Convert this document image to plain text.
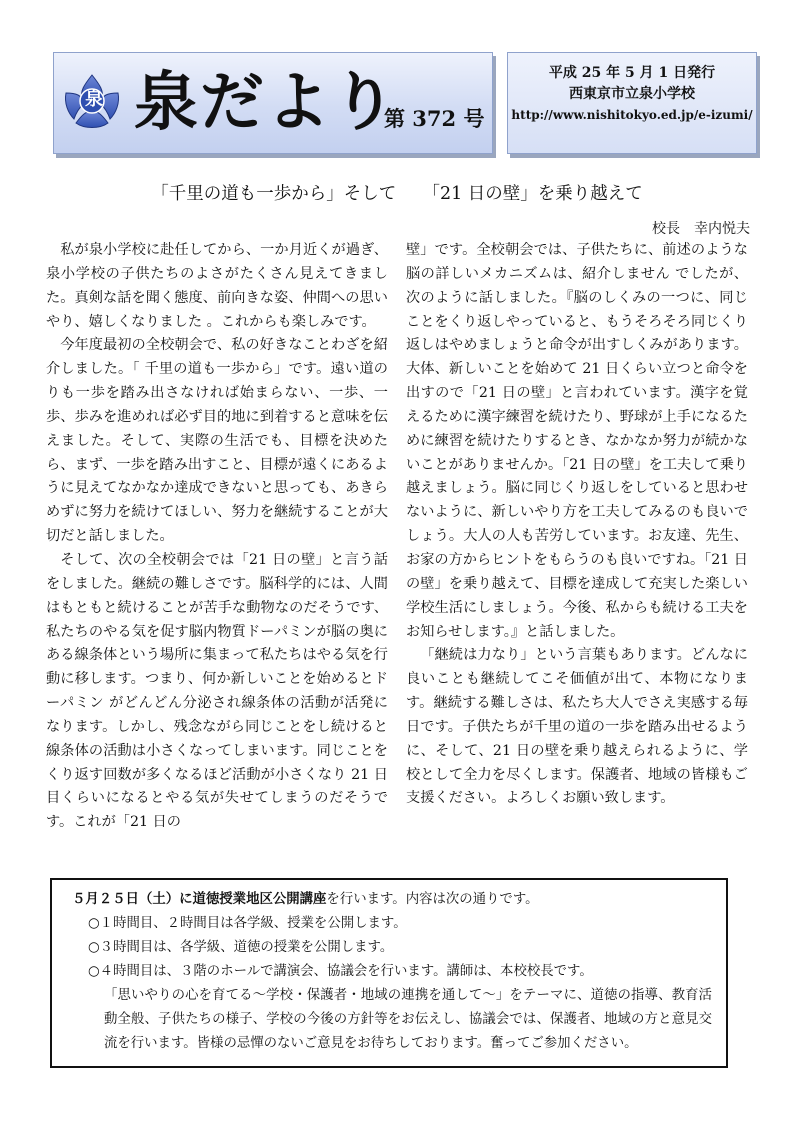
泉 泉だより
第 372 号
平成 25 年 5 月 1 日発行
西東京市立泉小学校
http://www.nishitokyo.ed.jp/e-izumi/
「千里の道も一歩から」そして　　「21 日の壁」を乗り越えて
校長　幸内悦夫

私が泉小学校に赴任してから、一か月近くが過ぎ、泉小学校の子供たちのよさがたくさん見えてきました。真剣な話を聞く態度、前向きな姿、仲間への思いやり、嬉しくなりました 。これからも楽しみです。

今年度最初の全校朝会で、私の好きなことわざを紹介しました。「 千里の道も一歩から」です。遠い道のりも一歩を踏み出さなければ始まらない、一歩、一歩、歩みを進めれば必ず目的地に到着すると意味を伝えました。そして、実際の生活でも、目標を決めたら、まず、一歩を踏み出すこと、目標が遠くにあるように見えてなかなか達成できないと思っても、あきらめずに努力を続けてほしい、努力を継続することが大切だと話しました。

そして、次の全校朝会では「21 日の壁」と言う話をしました。継続の難しさです。脳科学的には、人間はもともと続けることが苦手な動物なのだそうです、私たちのやる気を促す脳内物質ドーパミンが脳の奥にある線条体という場所に集まって私たちはやる気を行動に移します。つまり、何か新しいことを始めるとドーパミン がどんどん分泌され線条体の活動が活発になります。しかし、残念ながら同じことをし続けると線条体の活動は小さくなってしまいます。同じことをくり返す回数が多くなるほど活動が小さくなり 21 日目くらいになるとやる気が失せてしまうのだそうです。これが「21 日の

壁」です。全校朝会では、子供たちに、前述のような脳の詳しいメカニズムは、紹介しません でしたが、次のように話しました。『脳のしくみの一つに、同じことをくり返しやっていると、もうそろそろ同じくり返しはやめましょうと命令が出すしくみがあります。大体、新しいことを始めて 21 日くらい立つと命令を出すので「21 日の壁」と言われています。漢字を覚えるために漢字練習を続けたり、野球が上手になるために練習を続けたりするとき、なかなか努力が続かないことがありませんか。「21 日の壁」を工夫して乗り越えましょう。脳に同じくり返しをしていると思わせないように、新しいやり方を工夫してみるのも良いでしょう。大人の人も苦労しています。お友達、先生、お家の方からヒントをもらうのも良いですね。「21 日の壁」を乗り越えて、目標を達成して充実した楽しい学校生活にしましょう。今後、私からも続ける工夫をお知らせします。』と話しました。

「継続は力なり」という言葉もあります。どんなに良いことも継続してこそ価値が出て、本物になります。継続する難しさは、私たち大人でさえ実感する毎日です。子供たちが千里の道の一歩を踏み出せるように、そして、21 日の壁を乗り越えられるように、学校として全力を尽くします。保護者、地域の皆様もご支援ください。よろしくお願い致します。

５月２５日（土）に道徳授業地区公開講座を行います。内容は次の通りです。
○１時間目、２時間目は各学級、授業を公開します。
○３時間目は、各学級、道徳の授業を公開します。
○４時間目は、３階のホールで講演会、協議会を行います。講師は、本校校長です。
「思いやりの心を育てる～学校・保護者・地域の連携を通して～」をテーマに、道徳の指導、教育活動全般、子供たちの様子、学校の今後の方針等をお伝えし、協議会では、保護者、地域の方と意見交流を行います。皆様の忌憚のないご意見をお待ちしております。奮ってご参加ください。
